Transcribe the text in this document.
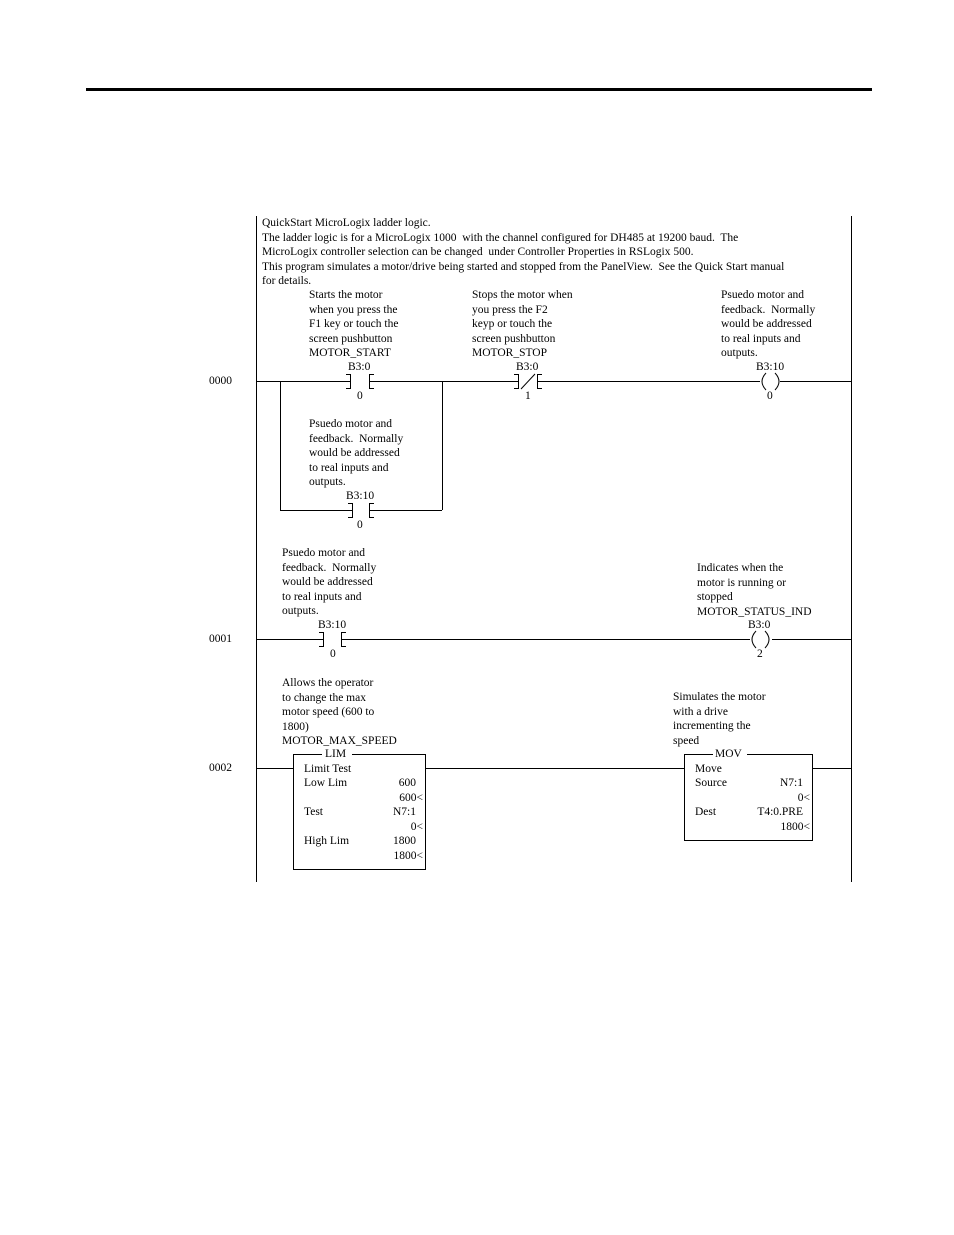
QuickStart MicroLogix ladder logic.
The ladder logic is for a MicroLogix 1000  with the channel configured for DH485 at 19200 baud.  The
MicroLogix controller selection can be changed  under Controller Properties in RSLogix 500.
This program simulates a motor/drive being started and stopped from the PanelView.  See the Quick Start manual
for details.
0000
0001
0002
Starts the motor
when you press the
F1 key or touch the
screen pushbutton
MOTOR_START
Stops the motor when
you press the F2
keyp or touch the
screen pushbutton
MOTOR_STOP
Psuedo motor and
feedback.  Normally
would be addressed
to real inputs and
outputs.
Psuedo motor and
feedback.  Normally
would be addressed
to real inputs and
outputs.
B3:0
0
B3:0
1
B3:10
0
B3:10
0
Psuedo motor and
feedback.  Normally
would be addressed
to real inputs and
outputs.
Indicates when the
motor is running or
stopped
MOTOR_STATUS_IND
B3:10
0
B3:0
2
Allows the operator
to change the max
motor speed (600 to
1800)
MOTOR_MAX_SPEED
Simulates the motor
with a drive
incrementing the
speed
LIM
Limit Test
Low Lim	600
600<
Test	N7:1
0<
High Lim	1800
1800<
MOV
Move
Source	N7:1
0<
Dest	T4:0.PRE
1800<
